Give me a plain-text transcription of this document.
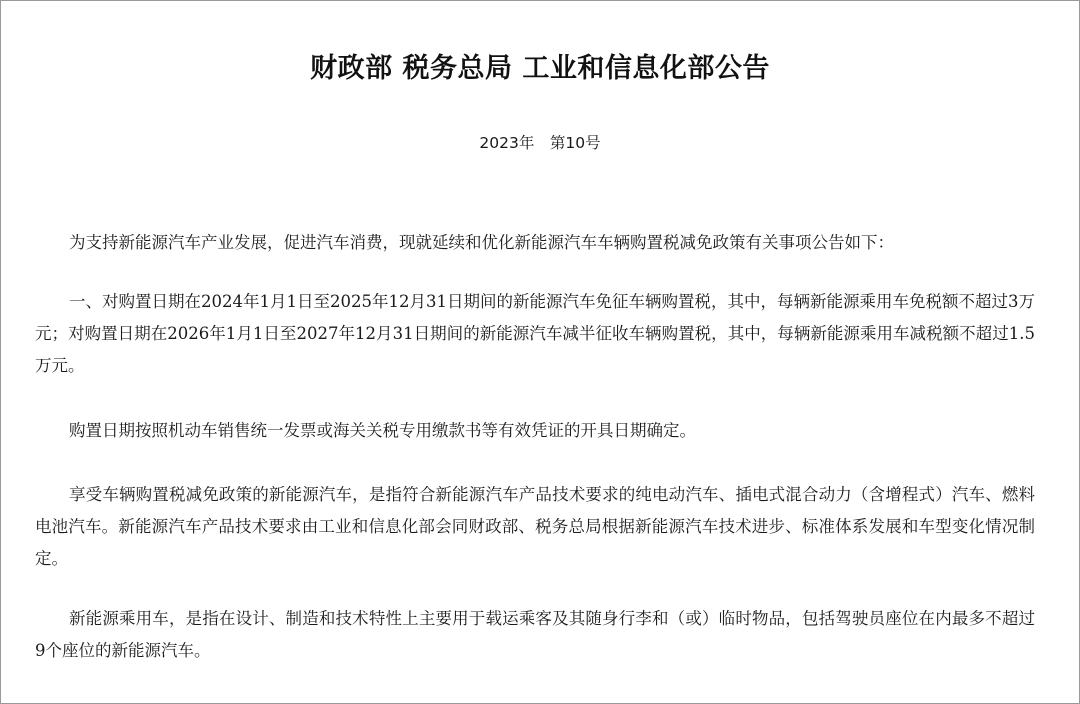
财政部 税务总局 工业和信息化部公告
2023年　第10号

为支持新能源汽车产业发展，促进汽车消费，现就延续和优化新能源汽车车辆购置税减免政策有关事项公告如下：

一、对购置日期在2024年1月1日至2025年12月31日期间的新能源汽车免征车辆购置税，其中，每辆新能源乘用车免税额不超过3万元；对购置日期在2026年1月1日至2027年12月31日期间的新能源汽车减半征收车辆购置税，其中，每辆新能源乘用车减税额不超过1.5万元。

购置日期按照机动车销售统一发票或海关关税专用缴款书等有效凭证的开具日期确定。

享受车辆购置税减免政策的新能源汽车，是指符合新能源汽车产品技术要求的纯电动汽车、插电式混合动力（含增程式）汽车、燃料电池汽车。新能源汽车产品技术要求由工业和信息化部会同财政部、税务总局根据新能源汽车技术进步、标准体系发展和车型变化情况制定。

新能源乘用车，是指在设计、制造和技术特性上主要用于载运乘客及其随身行李和（或）临时物品，包括驾驶员座位在内最多不超过9个座位的新能源汽车。
